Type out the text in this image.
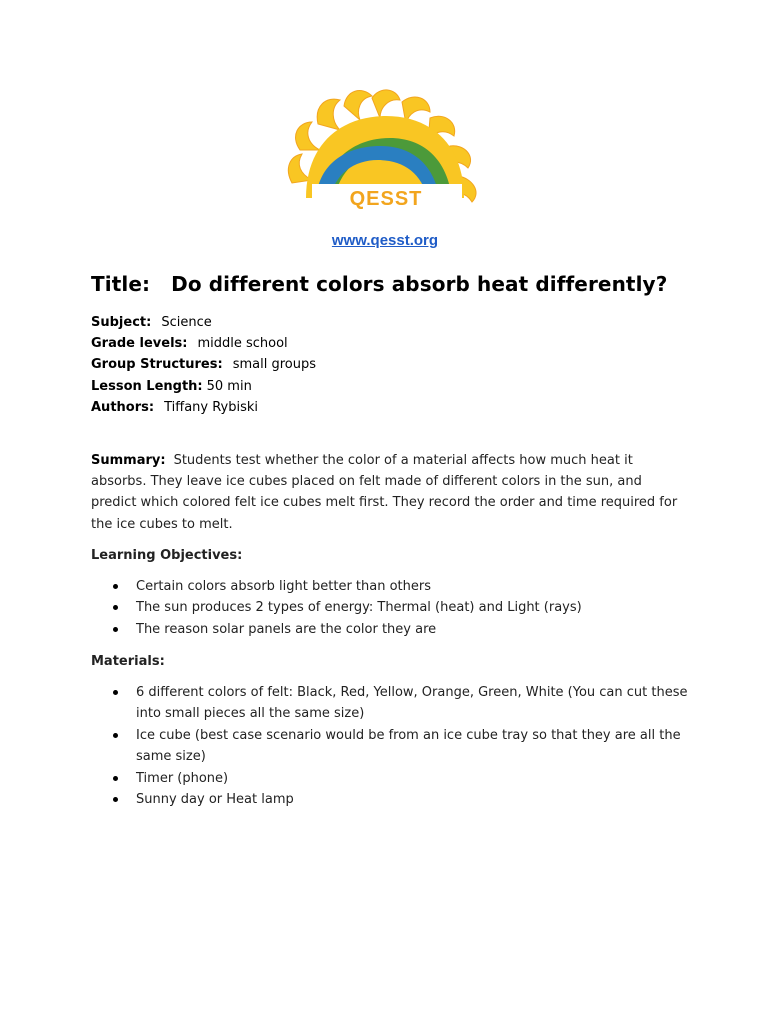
QESST
www.qesst.org
Title: Do different colors absorb heat differently?
Subject: Science
Grade levels: middle school
Group Structures: small groups
Lesson Length: 50 min
Authors: Tiffany Rybiski
Summary: Students test whether the color of a material affects how much heat it absorbs. They leave ice cubes placed on felt made of different colors in the sun, and predict which colored felt ice cubes melt first. They record the order and time required for the ice cubes to melt.
Learning Objectives:
Certain colors absorb light better than others
The sun produces 2 types of energy: Thermal (heat) and Light (rays)
The reason solar panels are the color they are
Materials:
6 different colors of felt: Black, Red, Yellow, Orange, Green, White (You can cut these into small pieces all the same size)
Ice cube (best case scenario would be from an ice cube tray so that they are all the same size)
Timer (phone)
Sunny day or Heat lamp
